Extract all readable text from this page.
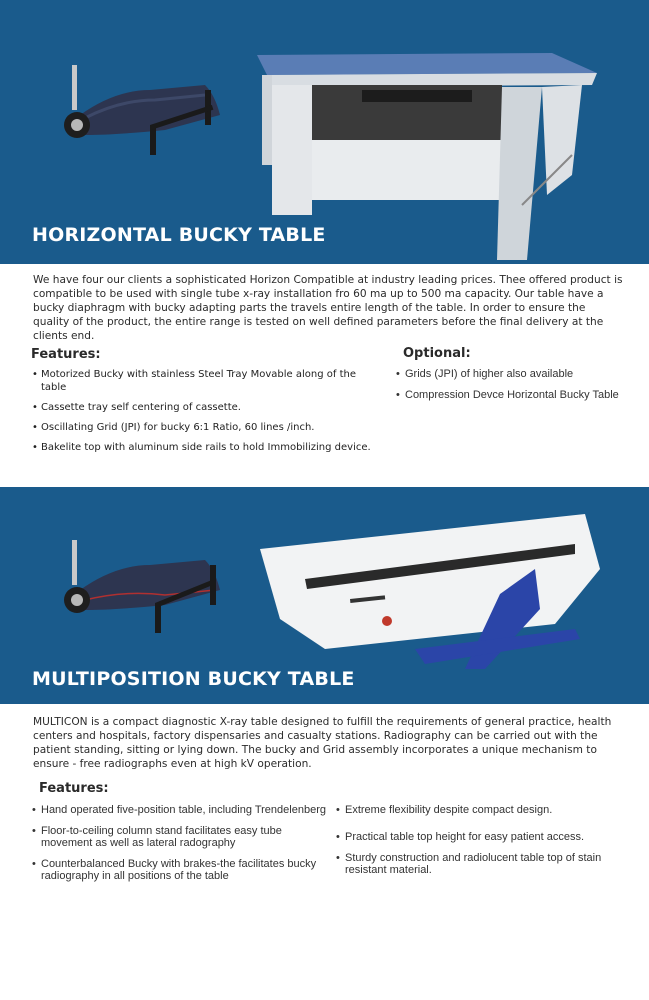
HORIZONTAL BUCKY TABLE

We have four our clients a sophisticated Horizon Compatible at industry leading prices. Thee offered product is compatible to be used with single tube x-ray installation fro 60 ma up to 500 ma capacity. Our table have a bucky diaphragm with bucky adapting parts the travels entire length of the table. In order to ensure the quality of the product, the entire range is tested on well defined parameters before the final delivery at the clients end.

Features:
• Motorized Bucky with stainless Steel Tray Movable along of the table
• Cassette tray self centering of cassette.
• Oscillating Grid (JPI) for bucky 6:1 Ratio, 60 lines /inch.
• Bakelite top with aluminum side rails to hold Immobilizing device.
Optional:
• Grids (JPI) of higher also available
• Compression Devce Horizontal Bucky Table
MULTIPOSITION BUCKY TABLE

MULTICON is a compact diagnostic X-ray table designed to fulfill the requirements of general practice, health centers and hospitals, factory dispensaries and casualty stations. Radiography can be carried out with the patient standing, sitting or lying down. The bucky and Grid assembly incorporates a unique mechanism to ensure - free radiographs even at high kV operation.

Features:
• Hand operated five-position table, including Trendelenberg
• Floor-to-ceiling column stand facilitates easy tube movement as well as lateral radography
• Counterbalanced Bucky with brakes-the facilitates bucky radiography in all positions of the table
• Extreme flexibility despite compact design.
• Practical table top height for easy patient access.
• Sturdy construction and radiolucent table top of stain resistant material.
